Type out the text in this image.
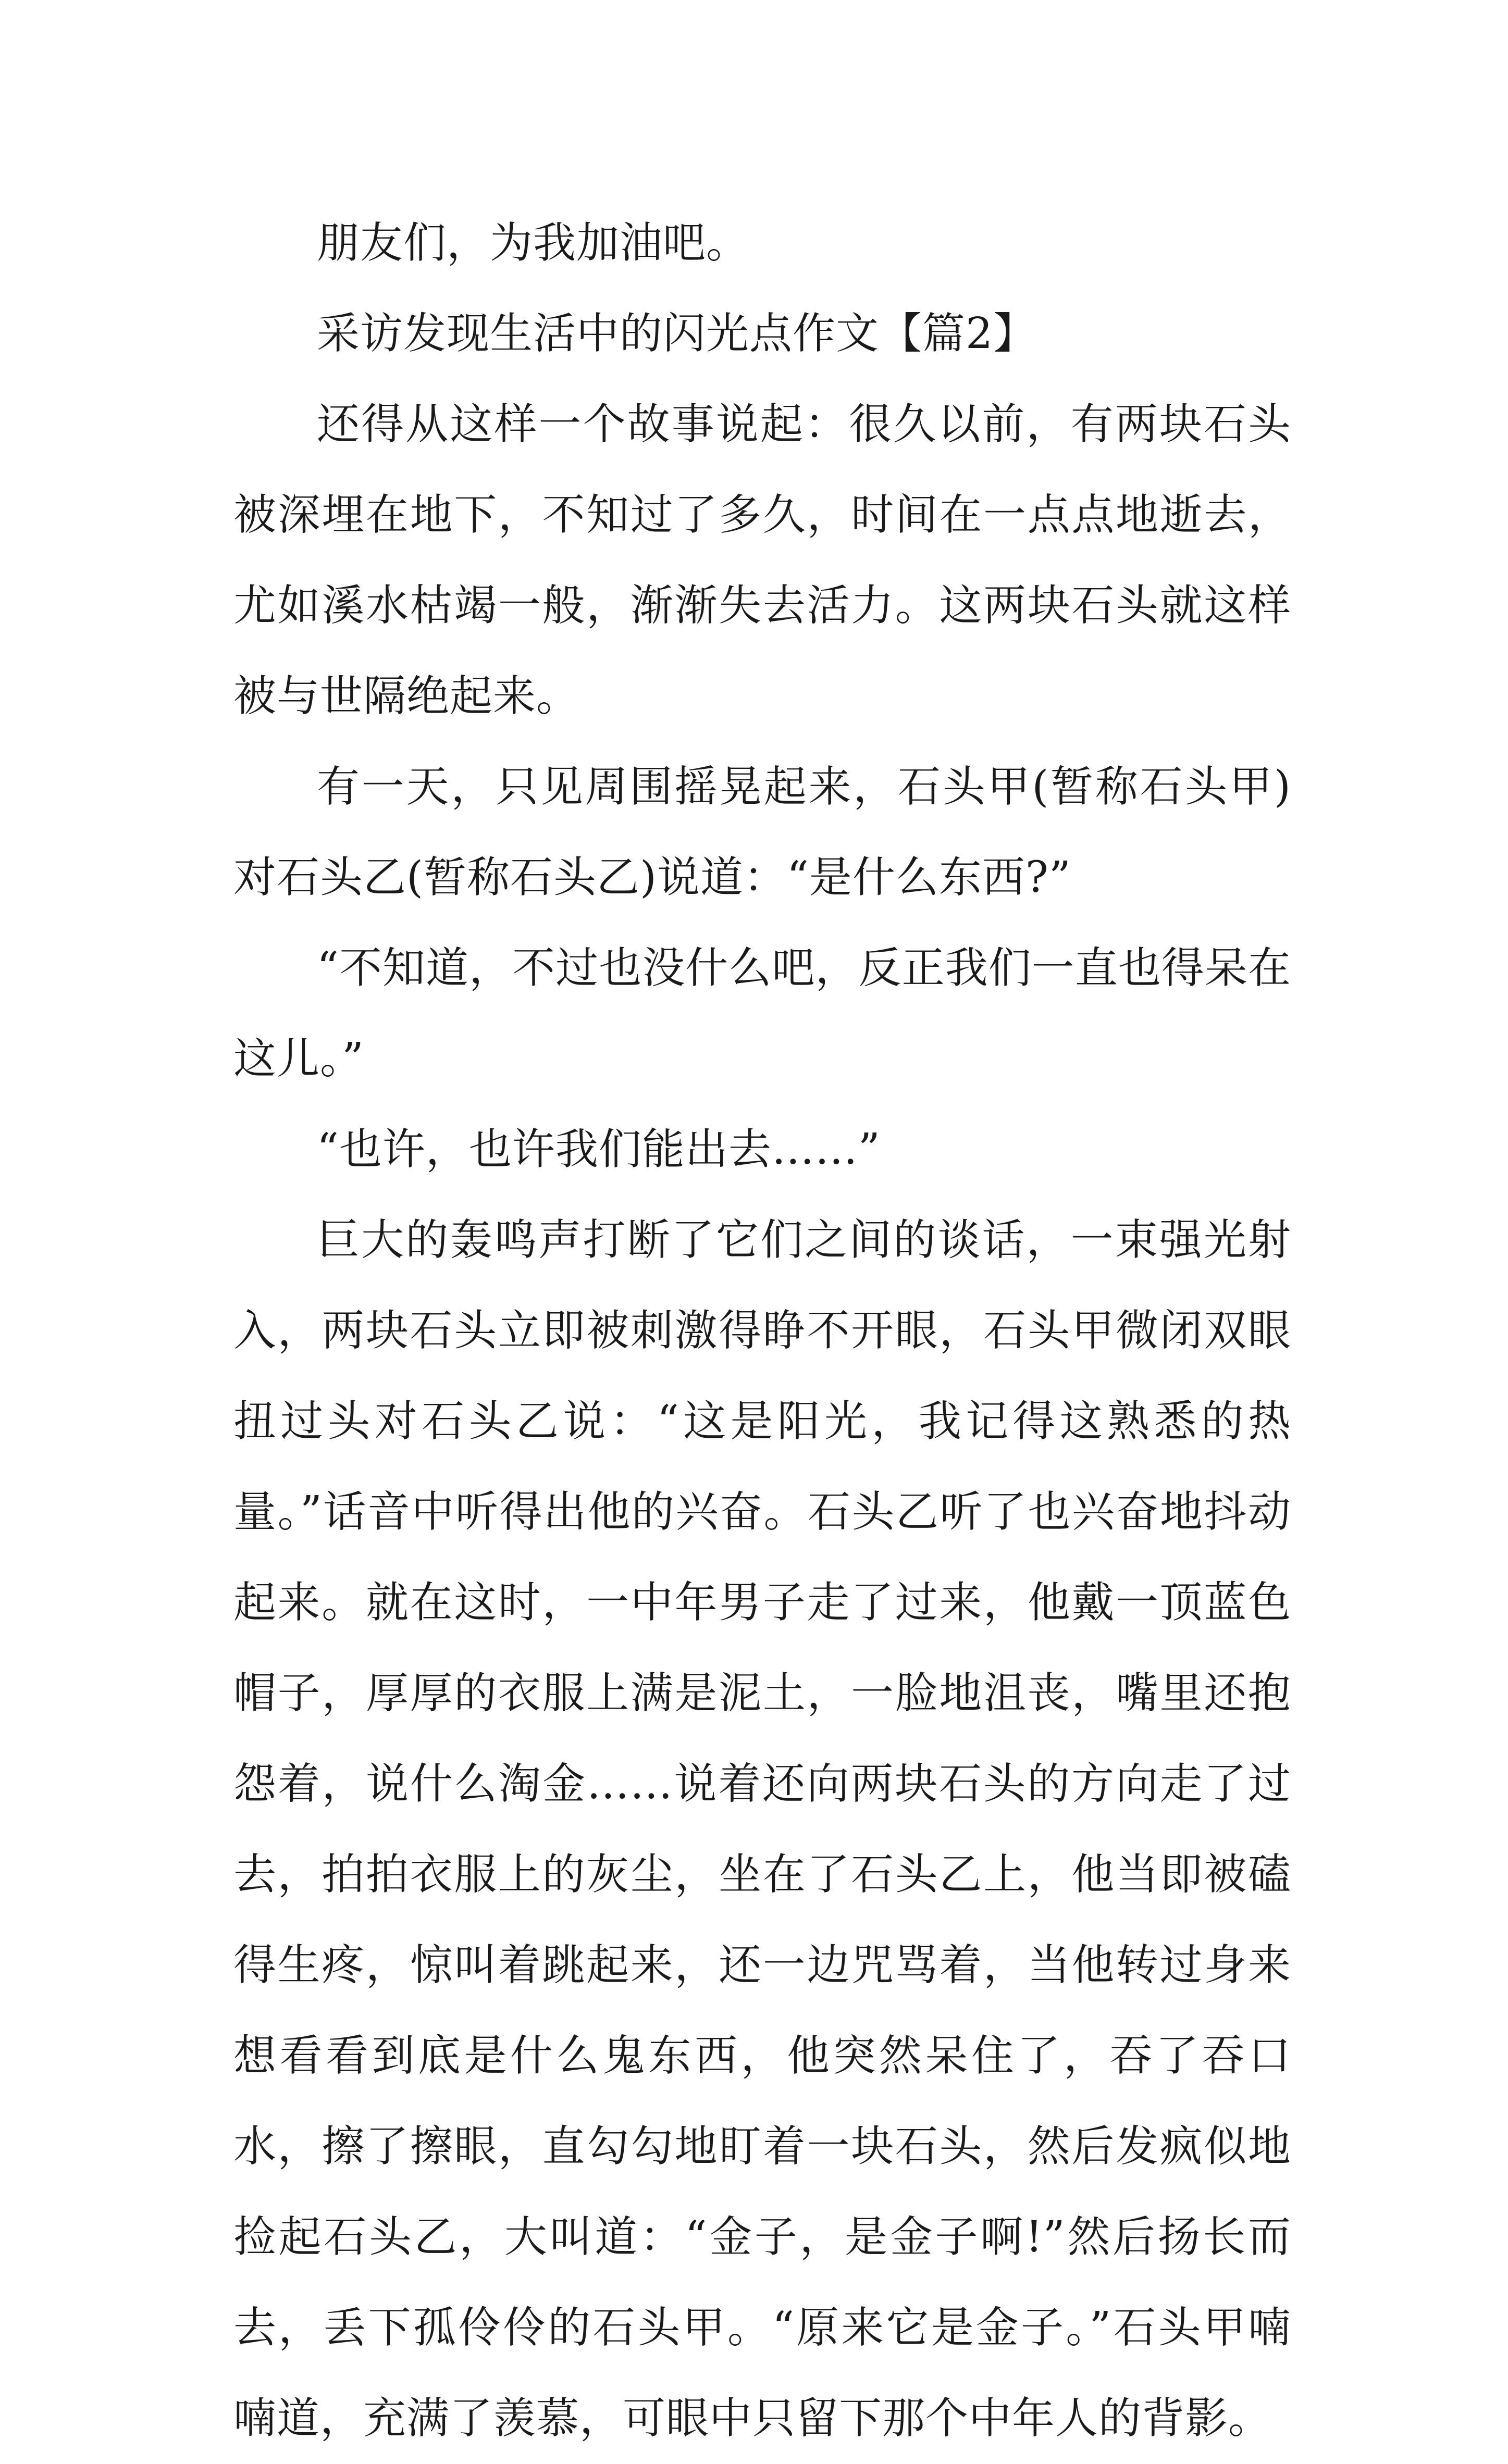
朋友们，为我加油吧。

采访发现生活中的闪光点作文【篇2】

还得从这样一个故事说起：很久以前，有两块石头被深埋在地下，不知过了多久，时间在一点点地逝去，尤如溪水枯竭一般，渐渐失去活力。这两块石头就这样被与世隔绝起来。

有一天，只见周围摇晃起来，石头甲(暂称石头甲)对石头乙(暂称石头乙)说道：“是什么东西?”

“不知道，不过也没什么吧，反正我们一直也得呆在这儿。”

“也许，也许我们能出去……”

巨大的轰鸣声打断了它们之间的谈话，一束强光射入，两块石头立即被刺激得睁不开眼，石头甲微闭双眼扭过头对石头乙说：“这是阳光，我记得这熟悉的热量。”话音中听得出他的兴奋。石头乙听了也兴奋地抖动起来。就在这时，一中年男子走了过来，他戴一顶蓝色帽子，厚厚的衣服上满是泥土，一脸地沮丧，嘴里还抱怨着，说什么淘金……说着还向两块石头的方向走了过去，拍拍衣服上的灰尘，坐在了石头乙上，他当即被磕得生疼，惊叫着跳起来，还一边咒骂着，当他转过身来想看看到底是什么鬼东西，他突然呆住了，吞了吞口水，擦了擦眼，直勾勾地盯着一块石头，然后发疯似地捡起石头乙，大叫道：“金子，是金子啊!”然后扬长而去，丢下孤伶伶的石头甲。“原来它是金子。”石头甲喃喃道，充满了羡慕，可眼中只留下那个中年人的背影。
